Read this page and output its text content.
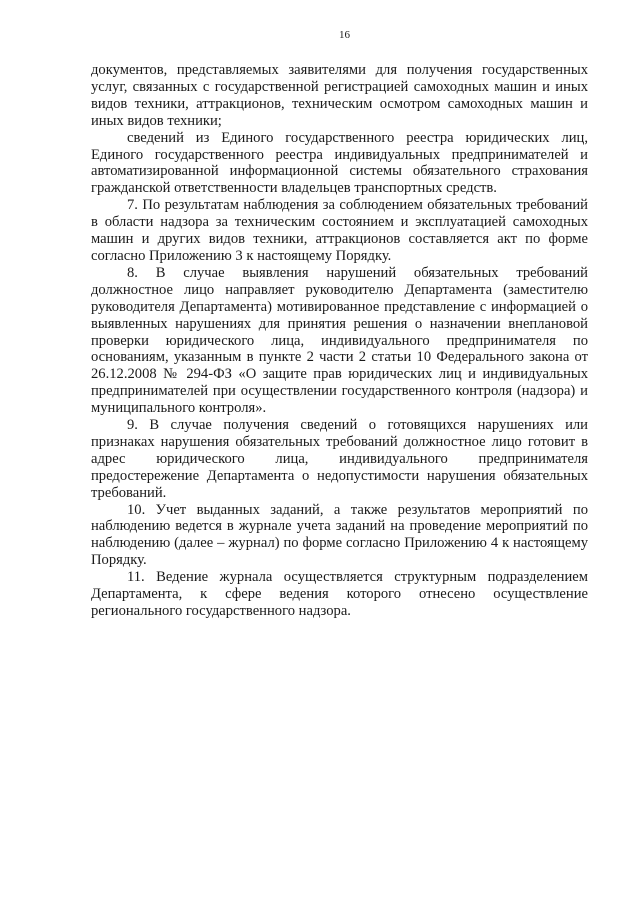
16

документов, представляемых заявителями для получения государственных услуг, связанных с государственной регистрацией самоходных машин и иных видов техники, аттракционов, техническим осмотром самоходных машин и иных видов техники;

сведений из Единого государственного реестра юридических лиц, Единого государственного реестра индивидуальных предпринимателей и автоматизированной информационной системы обязательного страхования гражданской ответственности владельцев транспортных средств.

7. По результатам наблюдения за соблюдением обязательных требований в области надзора за техническим состоянием и эксплуатацией самоходных машин и других видов техники, аттракционов составляется акт по форме согласно Приложению 3 к настоящему Порядку.

8. В случае выявления нарушений обязательных требований должностное лицо направляет руководителю Департамента (заместителю руководителя Департамента) мотивированное представление с информацией о выявленных нарушениях для принятия решения о назначении внеплановой проверки юридического лица, индивидуального предпринимателя по основаниям, указанным в пункте 2 части 2 статьи 10 Федерального закона от 26.12.2008 № 294-ФЗ «О защите прав юридических лиц и индивидуальных предпринимателей при осуществлении государственного контроля (надзора) и муниципального контроля».

9. В случае получения сведений о готовящихся нарушениях или признаках нарушения обязательных требований должностное лицо готовит в адрес юридического лица, индивидуального предпринимателя предостережение Департамента о недопустимости нарушения обязательных требований.

10. Учет выданных заданий, а также результатов мероприятий по наблюдению ведется в журнале учета заданий на проведение мероприятий по наблюдению (далее – журнал) по форме согласно Приложению 4 к настоящему Порядку.

11. Ведение журнала осуществляется структурным подразделением Департамента, к сфере ведения которого отнесено осуществление регионального государственного надзора.
